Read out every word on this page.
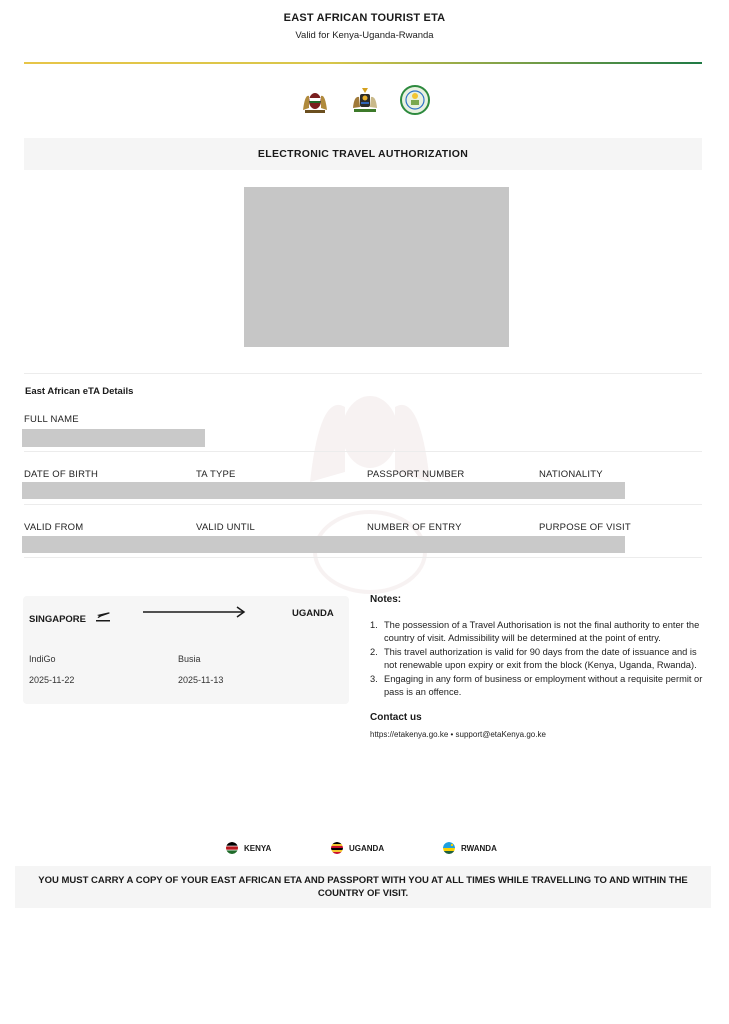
EAST AFRICAN TOURIST ETA
Valid for Kenya-Uganda-Rwanda
ELECTRONIC TRAVEL AUTHORIZATION
East African eTA Details
FULL NAME
DATE OF BIRTH	TA TYPE	PASSPORT NUMBER	NATIONALITY
VALID FROM	VALID UNTIL	NUMBER OF ENTRY	PURPOSE OF VISIT
SINGAPORE
UGANDA
IndiGo	Busia
2025-11-22	2025-11-13
Notes:
1. The possession of a Travel Authorisation is not the final authority to enter the country of visit. Admissibility will be determined at the point of entry.
2. This travel authorization is valid for 90 days from the date of issuance and is not renewable upon expiry or exit from the block (Kenya, Uganda, Rwanda).
3. Engaging in any form of business or employment without a requisite permit or pass is an offence.
Contact us
https://etakenya.go.ke • support@etaKenya.go.ke
KENYA	UGANDA	RWANDA
YOU MUST CARRY A COPY OF YOUR EAST AFRICAN ETA AND PASSPORT WITH YOU AT ALL TIMES WHILE TRAVELLING TO AND WITHIN THE COUNTRY OF VISIT.
